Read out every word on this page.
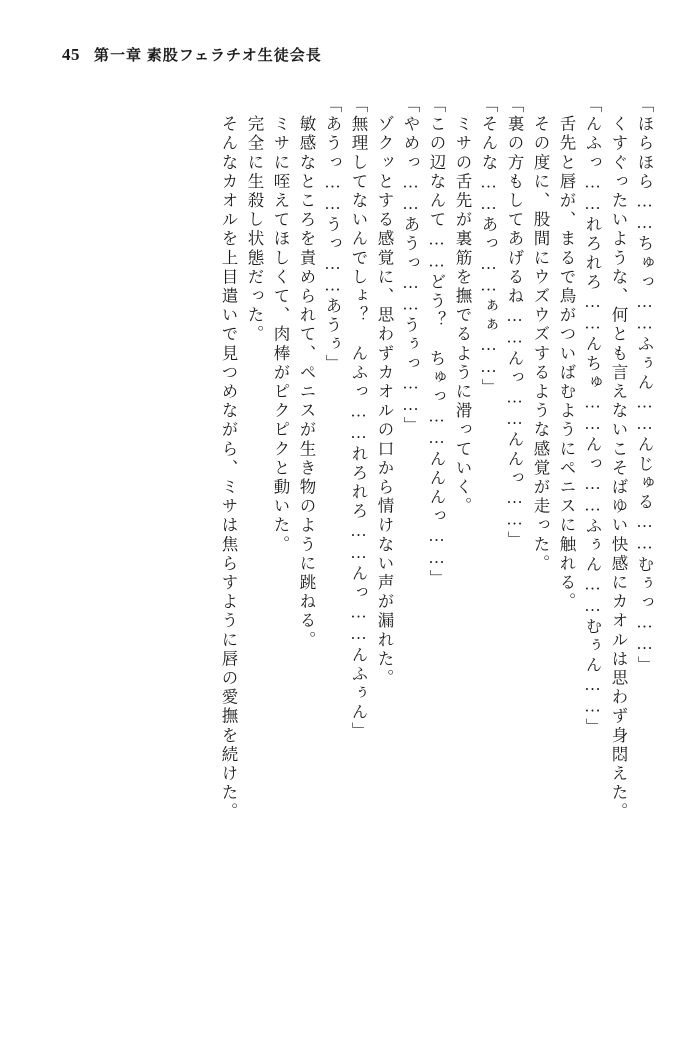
45 第一章 素股フェラチオ生徒会長
「ほらほら……ちゅっ……ふぅん……んじゅる……むぅっ……」
　くすぐったいような、何とも言えないこそばゆい快感にカオルは思わず身悶えた。
「んふっ……れろれろ……んちゅ……んっ……ふぅん……むぅん……」
　舌先と唇が、まるで鳥がついばむようにペニスに触れる。
　その度に、股間にウズウズするような感覚が走った。
「裏の方もしてあげるね……んっ……んんっ……」
「そんな……あっ……ぁぁ……」
　ミサの舌先が裏筋を撫でるように滑っていく。
「この辺なんて……どう？　ちゅっ……んんんっ……」
「やめっ……あうっ……うぅっ……」
　ゾクッとする感覚に、思わずカオルの口から情けない声が漏れた。
「無理してないんでしょ？　んふっ……れろれろ……んっ……んふぅん」
「あうっ……うっ……あうぅ」
　敏感なところを責められて、ペニスが生き物のように跳ねる。
　ミサに咥えてほしくて、肉棒がピクピクと動いた。
　完全に生殺し状態だった。
　そんなカオルを上目遣いで見つめながら、ミサは焦らすように唇の愛撫を続けた。
